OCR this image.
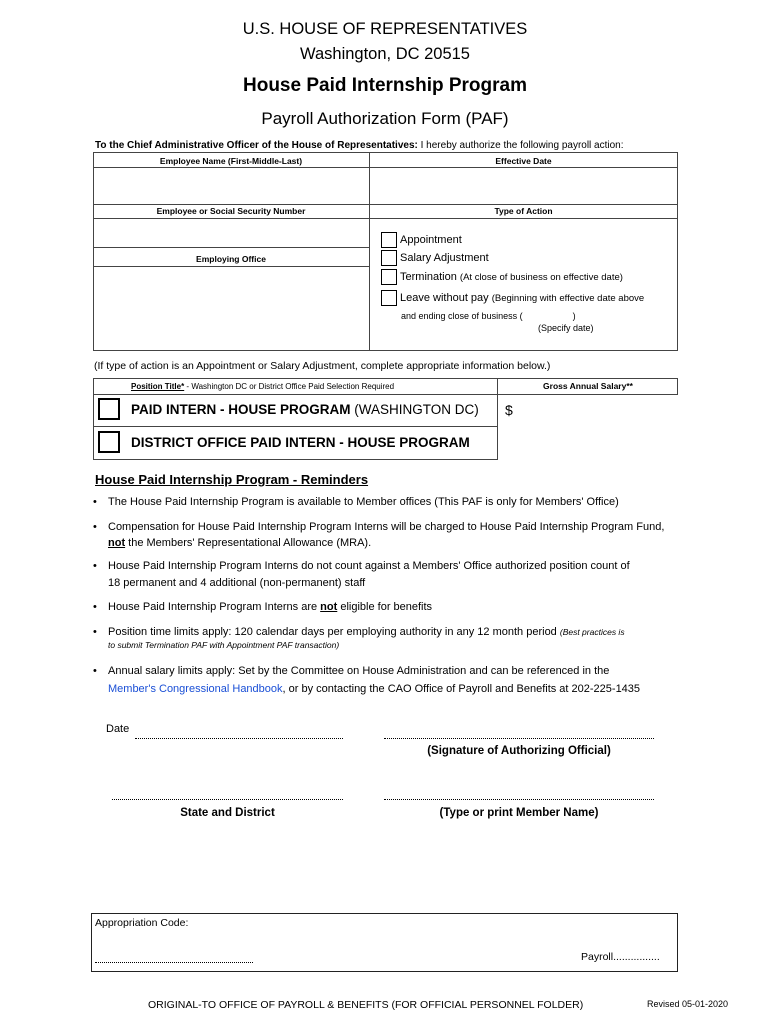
U.S. HOUSE OF REPRESENTATIVES
Washington, DC 20515
House Paid Internship Program
Payroll Authorization Form (PAF)
To the Chief Administrative Officer of the House of Representatives: I hereby authorize the following payroll action:
Employee Name (First-Middle-Last)	Effective Date
Employee or Social Security Number	Type of Action
Employing Office
Appointment
Salary Adjustment
Termination (At close of business on effective date)
Leave without pay (Beginning with effective date above
and ending close of business (                    )
(Specify date)
(If type of action is an Appointment or Salary Adjustment, complete appropriate information below.)
Position Title* - Washington DC or District Office Paid Selection Required	Gross Annual Salary**
PAID INTERN - HOUSE PROGRAM (WASHINGTON DC) $
DISTRICT OFFICE PAID INTERN - HOUSE PROGRAM
House Paid Internship Program - Reminders
• The House Paid Internship Program is available to Member offices (This PAF is only for Members' Office)
• Compensation for House Paid Internship Program Interns will be charged to House Paid Internship Program Fund, not the Members' Representational Allowance (MRA).
• House Paid Internship Program Interns do not count against a Members' Office authorized position count of
18 permanent and 4 additional (non-permanent) staff
• House Paid Internship Program Interns are not eligible for benefits
• Position time limits apply: 120 calendar days per employing authority in any 12 month period (Best practices is
to submit Termination PAF with Appointment PAF transaction)
• Annual salary limits apply: Set by the Committee on House Administration and can be referenced in the
Member's Congressional Handbook, or by contacting the CAO Office of Payroll and Benefits at 202-225-1435
Date
(Signature of Authorizing Official)
State and District	(Type or print Member Name)
Appropriation Code:
Payroll................
ORIGINAL-TO OFFICE OF PAYROLL & BENEFITS (FOR OFFICIAL PERSONNEL FOLDER)	Revised 05-01-2020
